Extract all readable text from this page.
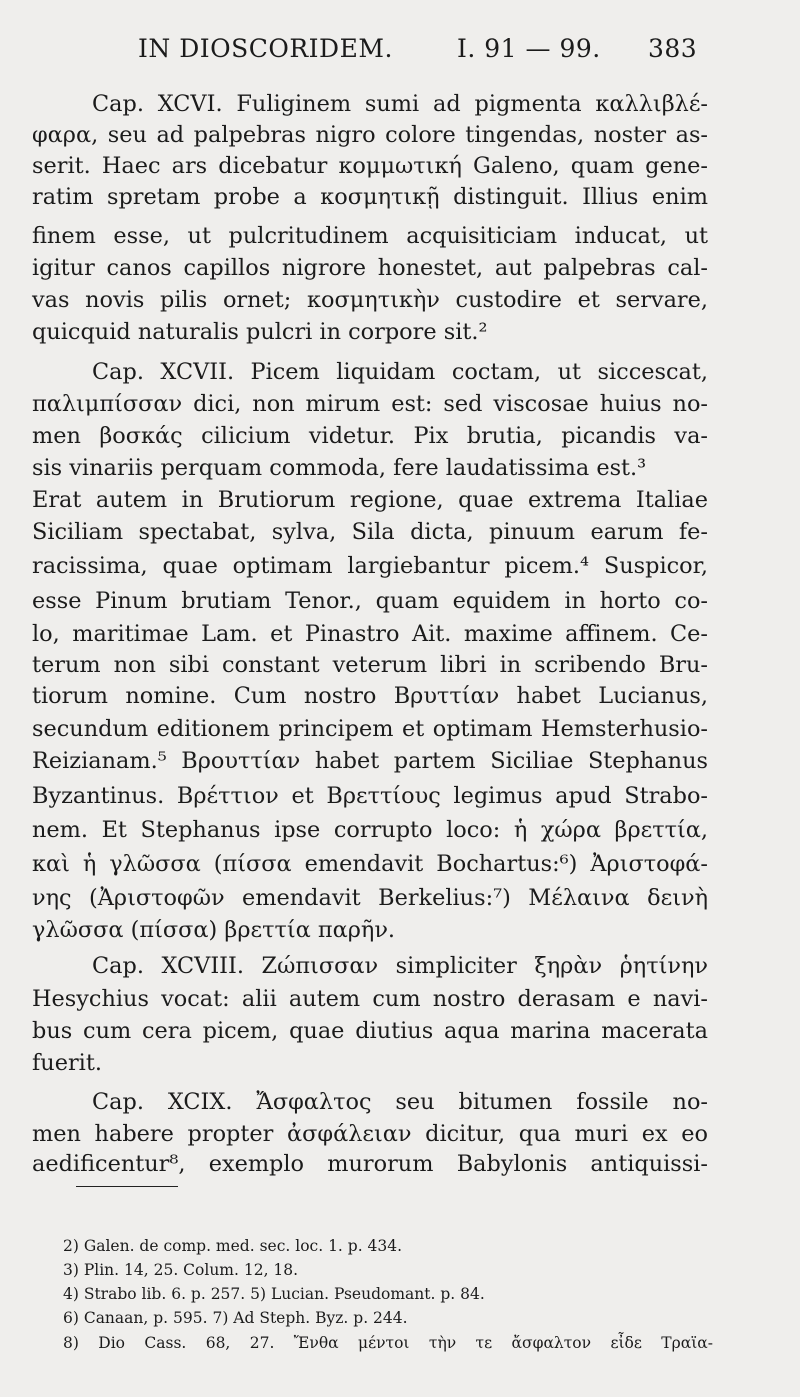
IN DIOSCORIDEM.	I. 91 — 99. 383
Cap. XCVI. Fuliginem sumi ad pigmenta καλλιβλέ-
φαρα, seu ad palpebras nigro colore tingendas, noster as-
serit. Haec ars dicebatur κομμωτική Galeno, quam gene-
ratim spretam probe a κοσμητικῇ distinguit. Illius enim
finem esse, ut pulcritudinem acquisiticiam inducat, ut
igitur canos capillos nigrore honestet, aut palpebras cal-
vas novis pilis ornet; κοσμητικὴν custodire et servare,
quicquid naturalis pulcri in corpore sit.²
Cap. XCVII. Picem liquidam coctam, ut siccescat,
παλιμπίσσαν dici, non mirum est: sed viscosae huius no-
men βοσκάς cilicium videtur. Pix brutia, picandis va-
sis vinariis perquam commoda, fere laudatissima est.³
Erat autem in Brutiorum regione, quae extrema Italiae
Siciliam spectabat, sylva, Sila dicta, pinuum earum fe-
racissima, quae optimam largiebantur picem.⁴ Suspicor,
esse Pinum brutiam Tenor., quam equidem in horto co-
lo, maritimae Lam. et Pinastro Ait. maxime affinem. Ce-
terum non sibi constant veterum libri in scribendo Bru-
tiorum nomine. Cum nostro Βρυττίαν habet Lucianus,
secundum editionem principem et optimam Hemsterhusio-
Reizianam.⁵ Βρουττίαν habet partem Siciliae Stephanus
Byzantinus. Βρέττιον et Βρεττίους legimus apud Strabo-
nem. Et Stephanus ipse corrupto loco: ἡ χώρα βρεττία,
καὶ ἡ γλῶσσα (πίσσα emendavit Bochartus:⁶) Ἀριστοφά-
νης (Ἀριστοφῶν emendavit Berkelius:⁷) Μέλαινα δεινὴ
γλῶσσα (πίσσα) βρεττία παρῆν.
Cap. XCVIII. Ζώπισσαν simpliciter ξηρὰν ῥητίνην
Hesychius vocat: alii autem cum nostro derasam e navi-
bus cum cera picem, quae diutius aqua marina macerata
fuerit.
Cap. XCIX. Ἄσφαλτος seu bitumen fossile no-
men habere propter ἀσφάλειαν dicitur, qua muri ex eo
aedificentur⁸, exemplo murorum Babylonis antiquissi-
2) Galen. de comp. med. sec. loc. 1. p. 434.
3) Plin. 14, 25. Colum. 12, 18.
4) Strabo lib. 6. p. 257. 5) Lucian. Pseudomant. p. 84.
6) Canaan, p. 595. 7) Ad Steph. Byz. p. 244.
8) Dio Cass. 68, 27. Ἔνθα μέντοι τὴν τε ἄσφαλτον εἶδε Τραϊα-
